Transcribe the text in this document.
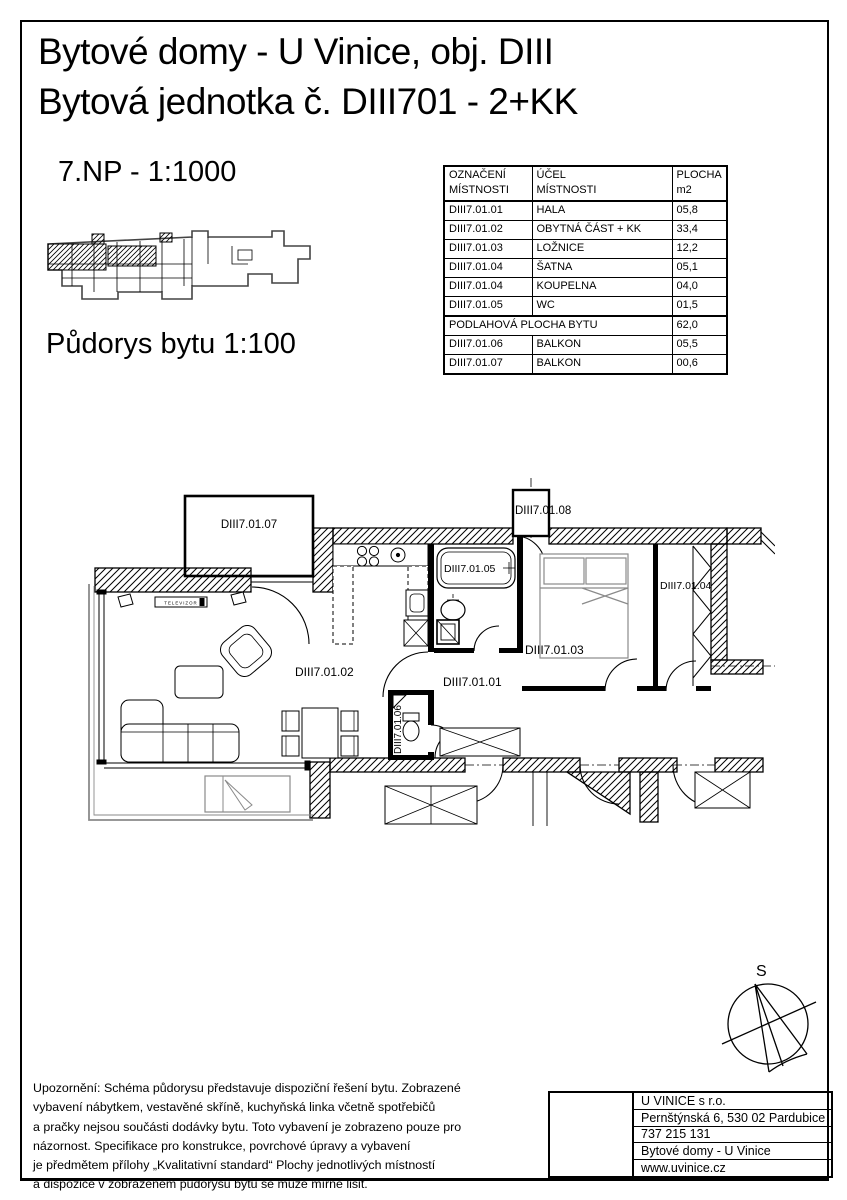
Bytové domy - U Vinice, obj. DIII
Bytová jednotka č. DIII701 - 2+KK
7.NP - 1:1000
Půdorys bytu 1:100
OZNAČENÍ
MÍSTNOSTI

ÚČEL
MÍSTNOSTI

PLOCHA
m2

DIII7.01.01	HALA	05,8
DIII7.01.02	OBYTNÁ ČÁST + KK	33,4
DIII7.01.03	LOŽNICE	12,2
DIII7.01.04	ŠATNA	05,1
DIII7.01.04	KOUPELNA	04,0
DIII7.01.05	WC	01,5
PODLAHOVÁ PLOCHA BYTU		62,0
DIII7.01.06	BALKON	05,5
DIII7.01.07	BALKON	00,6
DIII7.01.07
DIII7.01.08
TELEVIZOR
DIII7.01.05
DIII7.01.06
DIII7.01.03
DIII7.01.04
DIII7.01.02
DIII7.01.01
S
Upozornění: Schéma půdorysu představuje dispoziční řešení bytu. Zobrazené
vybavení nábytkem, vestavěné skříně, kuchyňská linka včetně spotřebičů
a pračky nejsou součásti dodávky bytu. Toto vybavení je zobrazeno pouze pro
názornost. Specifikace pro konstrukce, povrchové úpravy a vybavení
je předmětem přílohy „Kvalitativní standard“ Plochy jednotlivých místností
a dispozice v zobrazeném půdorysu bytu se může mírně lišit.
U VINICE s r.o.
Pernštýnská 6, 530 02 Pardubice
737 215 131
Bytové domy - U Vinice
www.uvinice.cz
